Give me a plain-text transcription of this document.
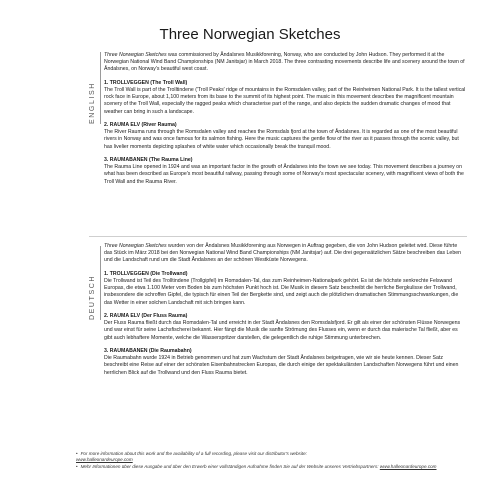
Three Norwegian Sketches
ENGLISH

Three Norwegian Sketches was commissioned by Åndalsnes Musikkforening, Norway, who are conducted by John Hudson. They performed it at the Norwegian National Wind Band Championships (NM Janitsjar) in March 2018. The three contrasting movements describe life and scenery around the town of Åndalsnes, on Norway's beautiful west coast.

1. TROLLVEGGEN (The Troll Wall)

The Troll Wall is part of the Trolltindene ('Troll Peaks' ridge of mountains in the Romsdalen valley, part of the Reinheimen National Park. It is the tallest vertical rock face in Europe, about 1,100 meters from its base to the summit of its highest point. The music in this movement describes the magnificent mountain scenery of the Troll Wall, especially the ragged peaks which characterise part of the range, and also depicts the sudden dramatic changes of mood that weather can bring in such a landscape.

2. RAUMA ELV (River Rauma)

The River Rauma runs through the Romsdalen valley and reaches the Romsdals fjord at the town of Åndalsnes. It is regarded as one of the most beautiful rivers in Norway and was once famous for its salmon fishing. Here the music captures the gentle flow of the river as it passes through the scenic valley, but has livelier moments depicting splashes of white water which occasionally break the tranquil mood.

3. RAUMABANEN (The Rauma Line)

The Rauma Line opened in 1924 and was an important factor in the growth of Åndalsnes into the town we see today. This movement describes a journey on what has been described as Europe's most beautiful railway, passing through some of Norway's most spectacular scenery, with magnificent views of both the Troll Wall and the Rauma River.

DEUTSCH

Three Norwegian Sketches wurden von der Åndalsnes Musikkforening aus Norwegen in Auftrag gegeben, die von John Hudson geleitet wird. Diese führte das Stück im März 2018 bei den Norwegian National Wind Band Championships (NM Janitsjar) auf. Die drei gegensätzlichen Sätze beschreiben das Leben und die Landschaft rund um die Stadt Åndalsnes an der schönen Westküste Norwegens.

1. TROLLVEGGEN (Die Trollwand)

Die Trollwand ist Teil des Trolltindene (Trollgipfel) im Romsdalen-Tal, das zum Reinheimen-Nationalpark gehört. Es ist die höchste senkrechte Felswand Europas, die etwa 1.100 Meter vom Boden bis zum höchsten Punkt hoch ist. Die Musik in diesem Satz beschreibt die herrliche Bergkulisse der Trollwand, insbesondere die schroffen Gipfel, die typisch für einen Teil der Bergkette sind, und zeigt auch die plötzlichen dramatischen Stimmungsschwankungen, die das Wetter in einer solchen Landschaft mit sich bringen kann.

2. RAUMA ELV (Der Fluss Rauma)

Der Fluss Rauma fließt durch das Romsdalen-Tal und erreicht in der Stadt Åndalsnes den Romsdalsfjord. Er gilt als einer der schönsten Flüsse Norwegens und war einst für seine Lachsfischerei bekannt. Hier fängt die Musik die sanfte Strömung des Flusses ein, wenn er durch das malerische Tal fließt, aber es gibt auch lebhaftere Momente, welche die Wasserspritzer darstellen, die gelegentlich die ruhige Stimmung unterbrechen.

3. RAUMABANEN (Die Raumabahn)

Die Raumabahn wurde 1924 in Betrieb genommen und hat zum Wachstum der Stadt Åndalsnes beigetragen, wie wir sie heute kennen. Dieser Satz beschreibt eine Reise auf einer der schönsten Eisenbahnstrecken Europas, die durch einige der spektakulärsten Landschaften Norwegens führt und einen herrlichen Blick auf die Trollwand und den Fluss Rauma bietet.

• For more information about this work and the availability of a full recording, please visit our distributor's website:
www.halleonardeurope.com

• Mehr Informationen über diese Ausgabe und über den Erwerb einer vollständigen Aufnahme finden Sie auf der Website unseres Vertriebspartners: www.halleonardeurope.com
